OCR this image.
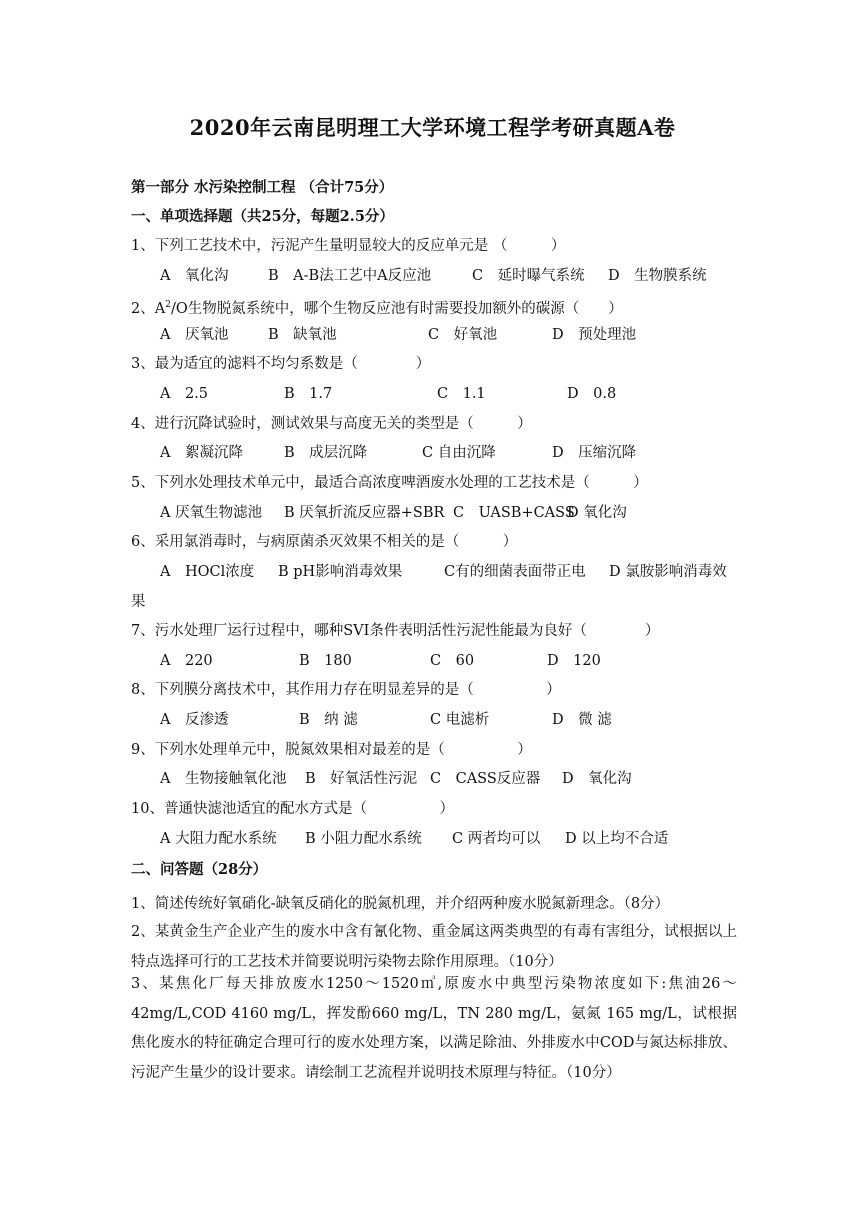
2020年云南昆明理工大学环境工程学考研真题A卷
第一部分 水污染控制工程 （合计75分）
一、单项选择题（共25分，每题2.5分）
1、下列工艺技术中，污泥产生量明显较大的反应单元是 （　　　）
A　氧化沟	B　A-B法工艺中A反应池	C　延时曝气系统 D　生物膜系统
2、$A^2/O$生物脱氮系统中，哪个生物反应池有时需要投加额外的碳源（　　）
A　厌氧池	B　缺氧池	C　好氧池	D　预处理池
3、最为适宜的滤料不均匀系数是（　　　　）
A　2.5	B　1.7	C　1.1	D　0.8
4、进行沉降试验时，测试效果与高度无关的类型是（　　　）
A　絮凝沉降	B　成层沉降	C 自由沉降	D　压缩沉降
5、下列水处理技术单元中，最适合高浓度啤酒废水处理的工艺技术是（　　　）
A 厌氧生物滤池 B 厌氧折流反应器+SBR C　UASB+CASS
D 氧化沟
6、采用氯消毒时，与病原菌杀灭效果不相关的是（　　　）
A　HOCl浓度 B pH影响消毒效果	C有的细菌表面带正电 D 氯胺影响消毒效
果
7、污水处理厂运行过程中，哪种SVI条件表明活性污泥性能最为良好（　　　　）
A　220	B　180	C　60	D　120
8、下列膜分离技术中，其作用力存在明显差异的是（　　　　　）
A　反渗透	B　纳 滤	C 电滤析	D　微 滤
9、下列水处理单元中，脱氮效果相对最差的是（　　　　　）
A　生物接触氧化池 B　好氧活性污泥 C　CASS反应器 D　氧化沟
10、普通快滤池适宜的配水方式是（　　　　　）
A 大阻力配水系统 B 小阻力配水系统 C 两者均可以 D 以上均不合适
二、问答题（28分）
1、简述传统好氧硝化-缺氧反硝化的脱氮机理，并介绍两种废水脱氮新理念。（8分）
2、某黄金生产企业产生的废水中含有氰化物、重金属这两类典型的有毒有害组分，试根据以上特点选择可行的工艺技术并简要说明污染物去除作用原理。（10分）
3、某焦化厂每天排放废水1250～1520㎥,原废水中典型污染物浓度如下:焦油26～42mg/L,COD 4160 mg/L，挥发酚660 mg/L，TN 280 mg/L，氨氮 165 mg/L，试根据焦化废水的特征确定合理可行的废水处理方案，以满足除油、外排废水中COD与氮达标排放、污泥产生量少的设计要求。请绘制工艺流程并说明技术原理与特征。（10分）
